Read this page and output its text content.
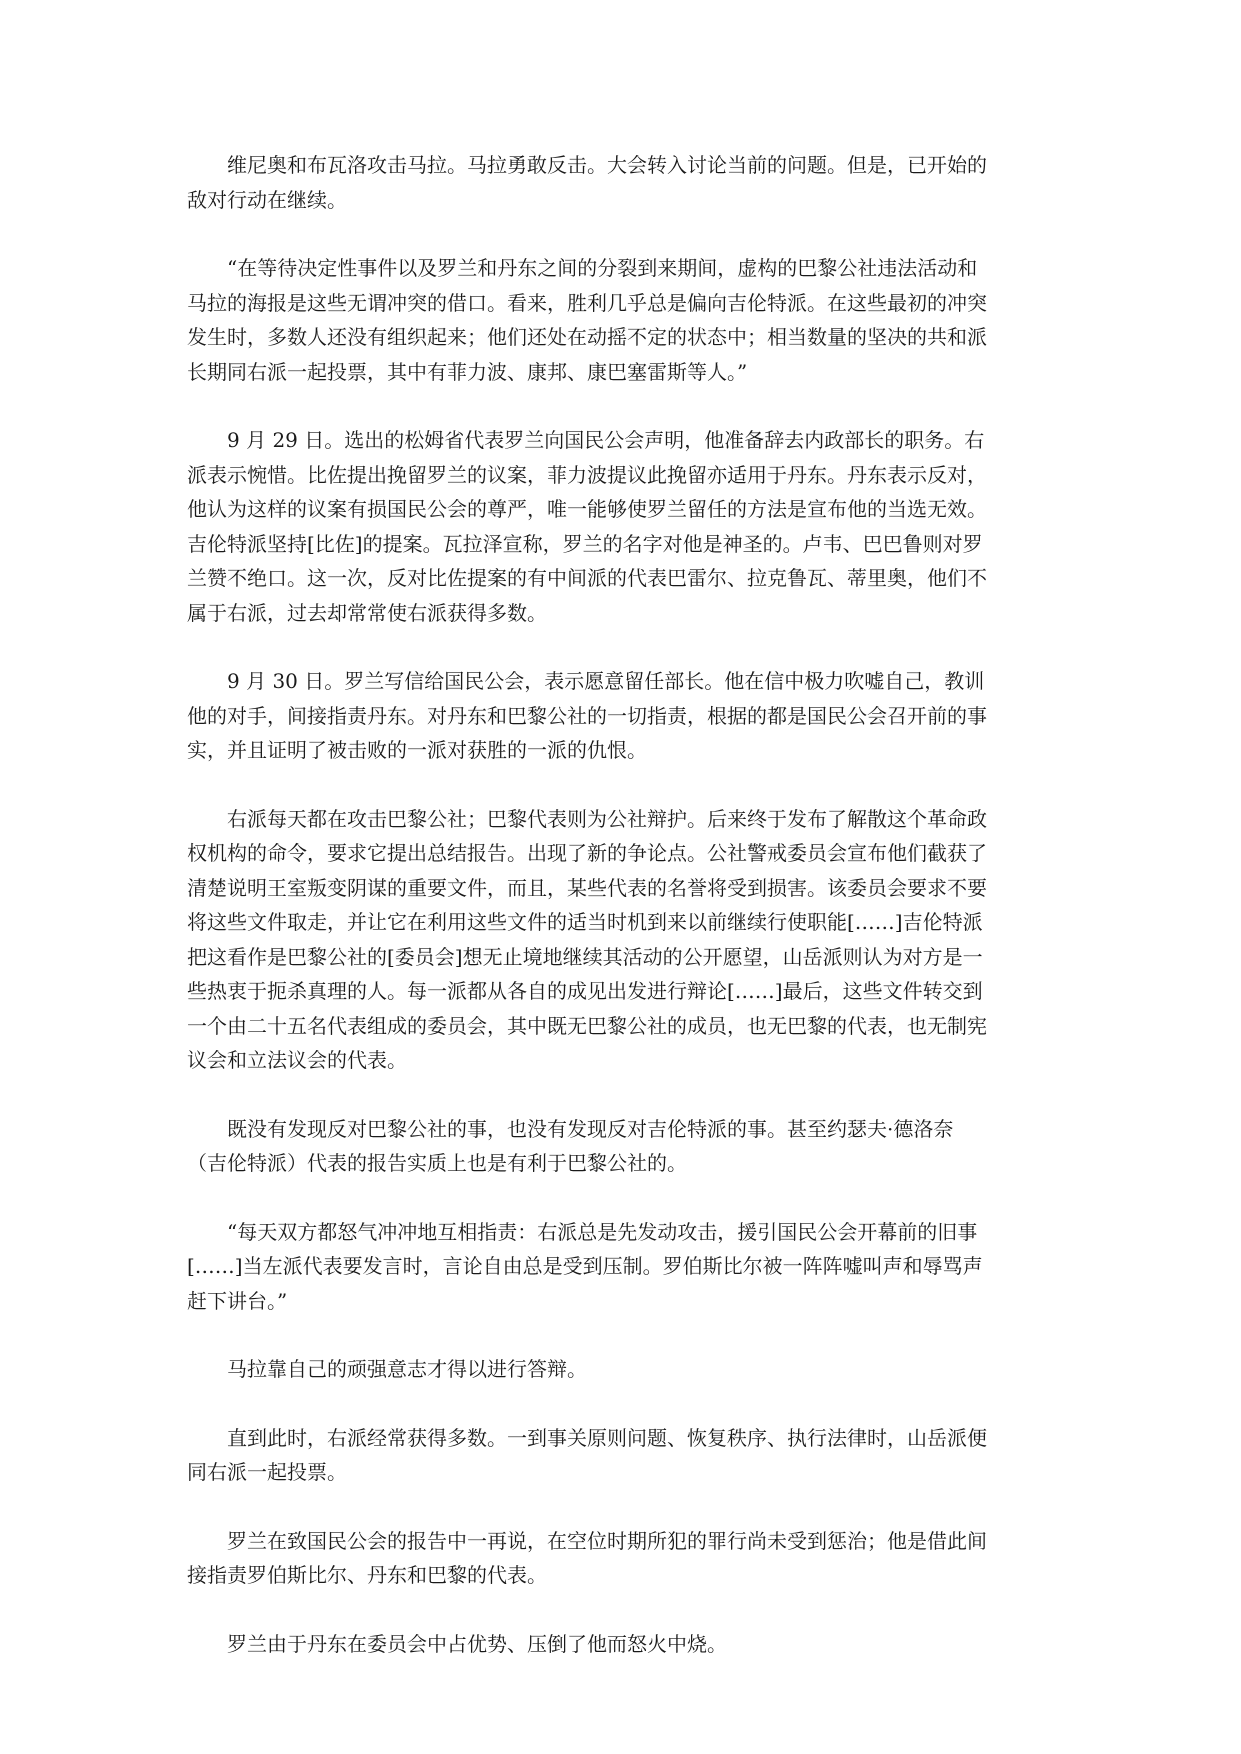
维尼奥和布瓦洛攻击马拉。马拉勇敢反击。大会转入讨论当前的问题。但是，已开始的
敌对行动在继续。

“在等待决定性事件以及罗兰和丹东之间的分裂到来期间，虚构的巴黎公社违法活动和
马拉的海报是这些无谓冲突的借口。看来，胜利几乎总是偏向吉伦特派。在这些最初的冲突
发生时，多数人还没有组织起来；他们还处在动摇不定的状态中；相当数量的坚决的共和派
长期同右派一起投票，其中有菲力波、康邦、康巴塞雷斯等人。”

9 月 29 日。选出的松姆省代表罗兰向国民公会声明，他准备辞去内政部长的职务。右
派表示惋惜。比佐提出挽留罗兰的议案，菲力波提议此挽留亦适用于丹东。丹东表示反对，
他认为这样的议案有损国民公会的尊严，唯一能够使罗兰留任的方法是宣布他的当选无效。
吉伦特派坚持[比佐]的提案。瓦拉泽宣称，罗兰的名字对他是神圣的。卢韦、巴巴鲁则对罗
兰赞不绝口。这一次，反对比佐提案的有中间派的代表巴雷尔、拉克鲁瓦、蒂里奥，他们不
属于右派，过去却常常使右派获得多数。

9 月 30 日。罗兰写信给国民公会，表示愿意留任部长。他在信中极力吹嘘自己，教训
他的对手，间接指责丹东。对丹东和巴黎公社的一切指责，根据的都是国民公会召开前的事
实，并且证明了被击败的一派对获胜的一派的仇恨。

右派每天都在攻击巴黎公社；巴黎代表则为公社辩护。后来终于发布了解散这个革命政
权机构的命令，要求它提出总结报告。出现了新的争论点。公社警戒委员会宣布他们截获了
清楚说明王室叛变阴谋的重要文件，而且，某些代表的名誉将受到损害。该委员会要求不要
将这些文件取走，并让它在利用这些文件的适当时机到来以前继续行使职能[……]吉伦特派
把这看作是巴黎公社的[委员会]想无止境地继续其活动的公开愿望，山岳派则认为对方是一
些热衷于扼杀真理的人。每一派都从各自的成见出发进行辩论[……]最后，这些文件转交到
一个由二十五名代表组成的委员会，其中既无巴黎公社的成员，也无巴黎的代表，也无制宪
议会和立法议会的代表。

既没有发现反对巴黎公社的事，也没有发现反对吉伦特派的事。甚至约瑟夫·德洛奈
（吉伦特派）代表的报告实质上也是有利于巴黎公社的。

“每天双方都怒气冲冲地互相指责：右派总是先发动攻击，援引国民公会开幕前的旧事
[……]当左派代表要发言时，言论自由总是受到压制。罗伯斯比尔被一阵阵嘘叫声和辱骂声
赶下讲台。”

马拉靠自己的顽强意志才得以进行答辩。

直到此时，右派经常获得多数。一到事关原则问题、恢复秩序、执行法律时，山岳派便
同右派一起投票。

罗兰在致国民公会的报告中一再说，在空位时期所犯的罪行尚未受到惩治；他是借此间
接指责罗伯斯比尔、丹东和巴黎的代表。

罗兰由于丹东在委员会中占优势、压倒了他而怒火中烧。
